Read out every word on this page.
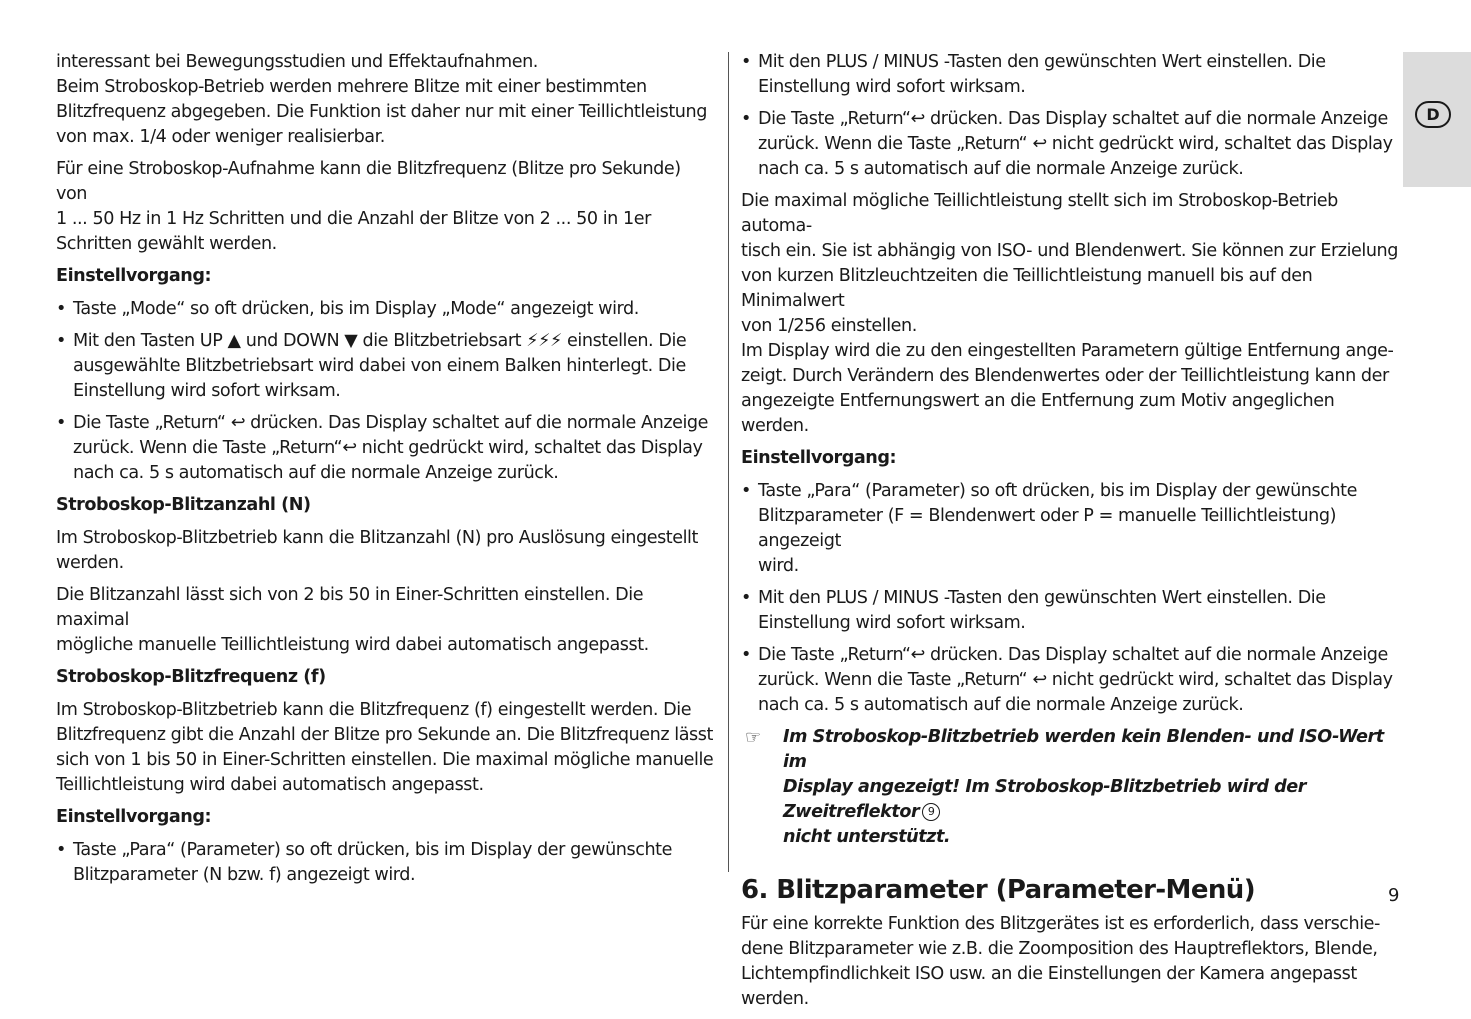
D

interessant bei Bewegungsstudien und Effektaufnahmen.
Beim Stroboskop-Betrieb werden mehrere Blitze mit einer bestimmten
Blitzfrequenz abgegeben. Die Funktion ist daher nur mit einer Teillichtleistung
von max. 1/4 oder weniger realisierbar.

Für eine Stroboskop-Aufnahme kann die Blitzfrequenz (Blitze pro Sekunde) von
1 ... 50 Hz in 1 Hz Schritten und die Anzahl der Blitze von 2 ... 50 in 1er
Schritten gewählt werden.

Einstellvorgang:

• Taste „Mode“ so oft drücken, bis im Display „Mode“ angezeigt wird.
• Mit den Tasten UP ▲ und DOWN ▼ die Blitzbetriebsart ⚡⚡⚡ einstellen. Die
ausgewählte Blitzbetriebsart wird dabei von einem Balken hinterlegt. Die
Einstellung wird sofort wirksam.
• Die Taste „Return“ ↩ drücken. Das Display schaltet auf die normale Anzeige
zurück. Wenn die Taste „Return“↩ nicht gedrückt wird, schaltet das Display
nach ca. 5 s automatisch auf die normale Anzeige zurück.

Stroboskop-Blitzanzahl (N)

Im Stroboskop-Blitzbetrieb kann die Blitzanzahl (N) pro Auslösung eingestellt
werden.

Die Blitzanzahl lässt sich von 2 bis 50 in Einer-Schritten einstellen. Die maximal
mögliche manuelle Teillichtleistung wird dabei automatisch angepasst.

Stroboskop-Blitzfrequenz (f)

Im Stroboskop-Blitzbetrieb kann die Blitzfrequenz (f) eingestellt werden. Die
Blitzfrequenz gibt die Anzahl der Blitze pro Sekunde an. Die Blitzfrequenz lässt
sich von 1 bis 50 in Einer-Schritten einstellen. Die maximal mögliche manuelle
Teillichtleistung wird dabei automatisch angepasst.

Einstellvorgang:

• Taste „Para“ (Parameter) so oft drücken, bis im Display der gewünschte
Blitzparameter (N bzw. f) angezeigt wird.
• Mit den PLUS / MINUS -Tasten den gewünschten Wert einstellen. Die
Einstellung wird sofort wirksam.
• Die Taste „Return“↩ drücken. Das Display schaltet auf die normale Anzeige
zurück. Wenn die Taste „Return“ ↩ nicht gedrückt wird, schaltet das Display
nach ca. 5 s automatisch auf die normale Anzeige zurück.

Die maximal mögliche Teillichtleistung stellt sich im Stroboskop-Betrieb automa-
tisch ein. Sie ist abhängig von ISO- und Blendenwert. Sie können zur Erzielung
von kurzen Blitzleuchtzeiten die Teillichtleistung manuell bis auf den Minimalwert
von 1/256 einstellen.
Im Display wird die zu den eingestellten Parametern gültige Entfernung ange-
zeigt. Durch Verändern des Blendenwertes oder der Teillichtleistung kann der
angezeigte Entfernungswert an die Entfernung zum Motiv angeglichen werden.

Einstellvorgang:

• Taste „Para“ (Parameter) so oft drücken, bis im Display der gewünschte
Blitzparameter (F = Blendenwert oder P = manuelle Teillichtleistung) angezeigt
wird.
• Mit den PLUS / MINUS -Tasten den gewünschten Wert einstellen. Die
Einstellung wird sofort wirksam.
• Die Taste „Return“↩ drücken. Das Display schaltet auf die normale Anzeige
zurück. Wenn die Taste „Return“ ↩ nicht gedrückt wird, schaltet das Display
nach ca. 5 s automatisch auf die normale Anzeige zurück.
☞ Im Stroboskop-Blitzbetrieb werden kein Blenden- und ISO-Wert im
Display angezeigt! Im Stroboskop-Blitzbetrieb wird der Zweitreflektor 9
nicht unterstützt.
6. Blitzparameter (Parameter-Menü)

Für eine korrekte Funktion des Blitzgerätes ist es erforderlich, dass verschie-
dene Blitzparameter wie z.B. die Zoomposition des Hauptreflektors, Blende,
Lichtempfindlichkeit ISO usw. an die Einstellungen der Kamera angepasst
werden.

9
